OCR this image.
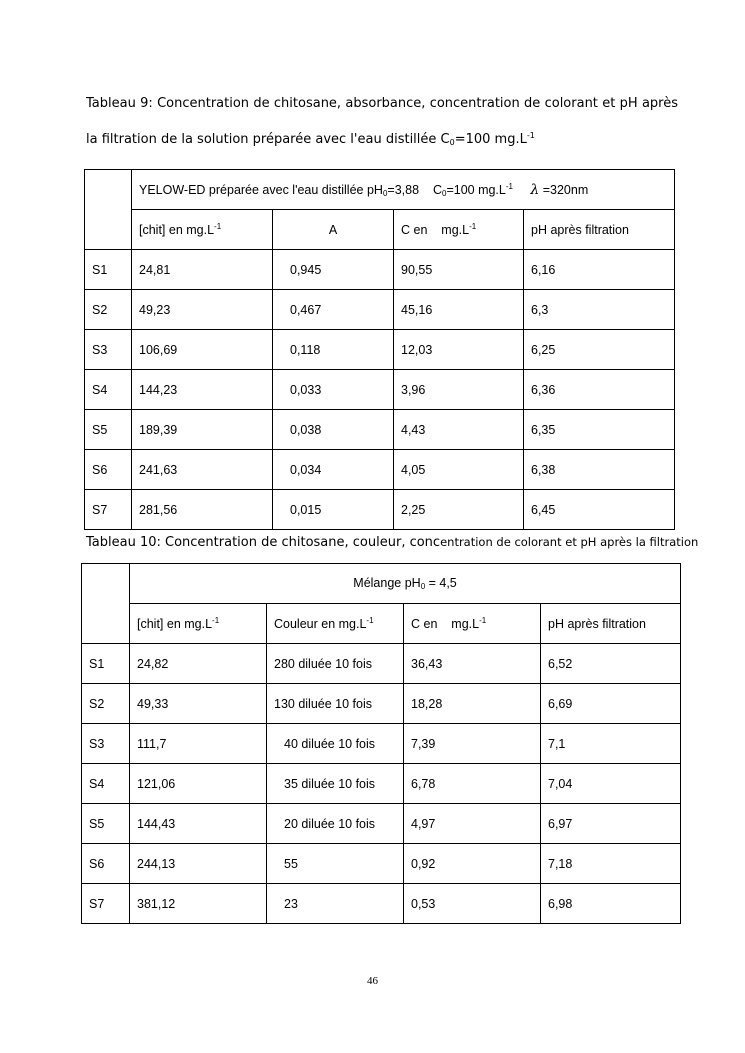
Tableau 9: Concentration de chitosane, absorbance, concentration de colorant et pH après la filtration de la solution préparée avec l'eau distillée $C_0=100$ $mg.L^{-1}$
	YELOW-ED préparée avec l'eau distillée $pH_0=3,88$ $C_0=100$ $mg.L^{-1}$ λ =320nm			
	[chit] en $mg.L^{-1}$	A	C en    $mg.L^{-1}$	pH après filtration
S1	24,81	0,945	90,55	6,16
S2	49,23	0,467	45,16	6,3
S3	106,69	0,118	12,03	6,25
S4	144,23	0,033	3,96	6,36
S5	189,39	0,038	4,43	6,35
S6	241,63	0,034	4,05	6,38
S7	281,56	0,015	2,25	6,45
Tableau 10: Concentration de chitosane, couleur, concentration de colorant et pH après la filtration
	Mélange $pH_0 = 4,5$			
	[chit] en $mg.L^{-1}$	Couleur en $mg.L^{-1}$	C en    $mg.L^{-1}$	pH après filtration
S1	24,82	280 diluée 10 fois	36,43	6,52
S2	49,33	130 diluée 10 fois	18,28	6,69
S3	111,7	40 diluée 10 fois	7,39	7,1
S4	121,06	35 diluée 10 fois	6,78	7,04
S5	144,43	20 diluée 10 fois	4,97	6,97
S6	244,13	55	0,92	7,18
S7	381,12	23	0,53	6,98
46
